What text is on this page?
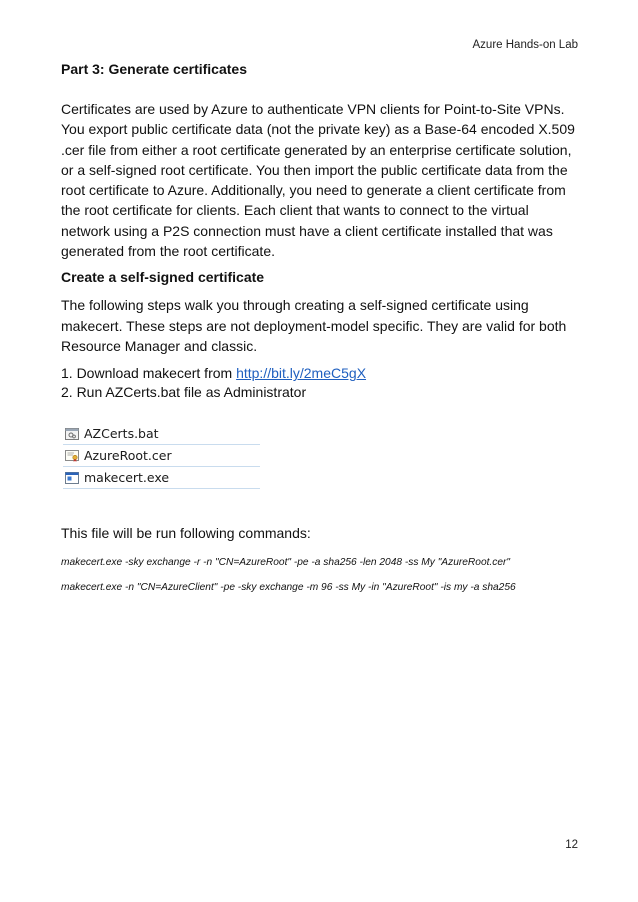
Azure Hands-on Lab
Part 3: Generate certificates

Certificates are used by Azure to authenticate VPN clients for Point-to-Site VPNs. You export public certificate data (not the private key) as a Base-64 encoded X.509 .cer file from either a root certificate generated by an enterprise certificate solution, or a self-signed root certificate. You then import the public certificate data from the root certificate to Azure. Additionally, you need to generate a client certificate from the root certificate for clients. Each client that wants to connect to the virtual network using a P2S connection must have a client certificate installed that was generated from the root certificate.

Create a self-signed certificate

The following steps walk you through creating a self-signed certificate using makecert. These steps are not deployment-model specific. They are valid for both Resource Manager and classic.

1. Download makecert from http://bit.ly/2meC5gX
2. Run AZCerts.bat file as Administrator
AZCerts.bat
AzureRoot.cer
makecert.exe
This file will be run following commands:
makecert.exe -sky exchange -r -n "CN=AzureRoot" -pe -a sha256 -len 2048 -ss My "AzureRoot.cer"
makecert.exe -n "CN=AzureClient" -pe -sky exchange -m 96 -ss My -in "AzureRoot" -is my -a sha256
12
